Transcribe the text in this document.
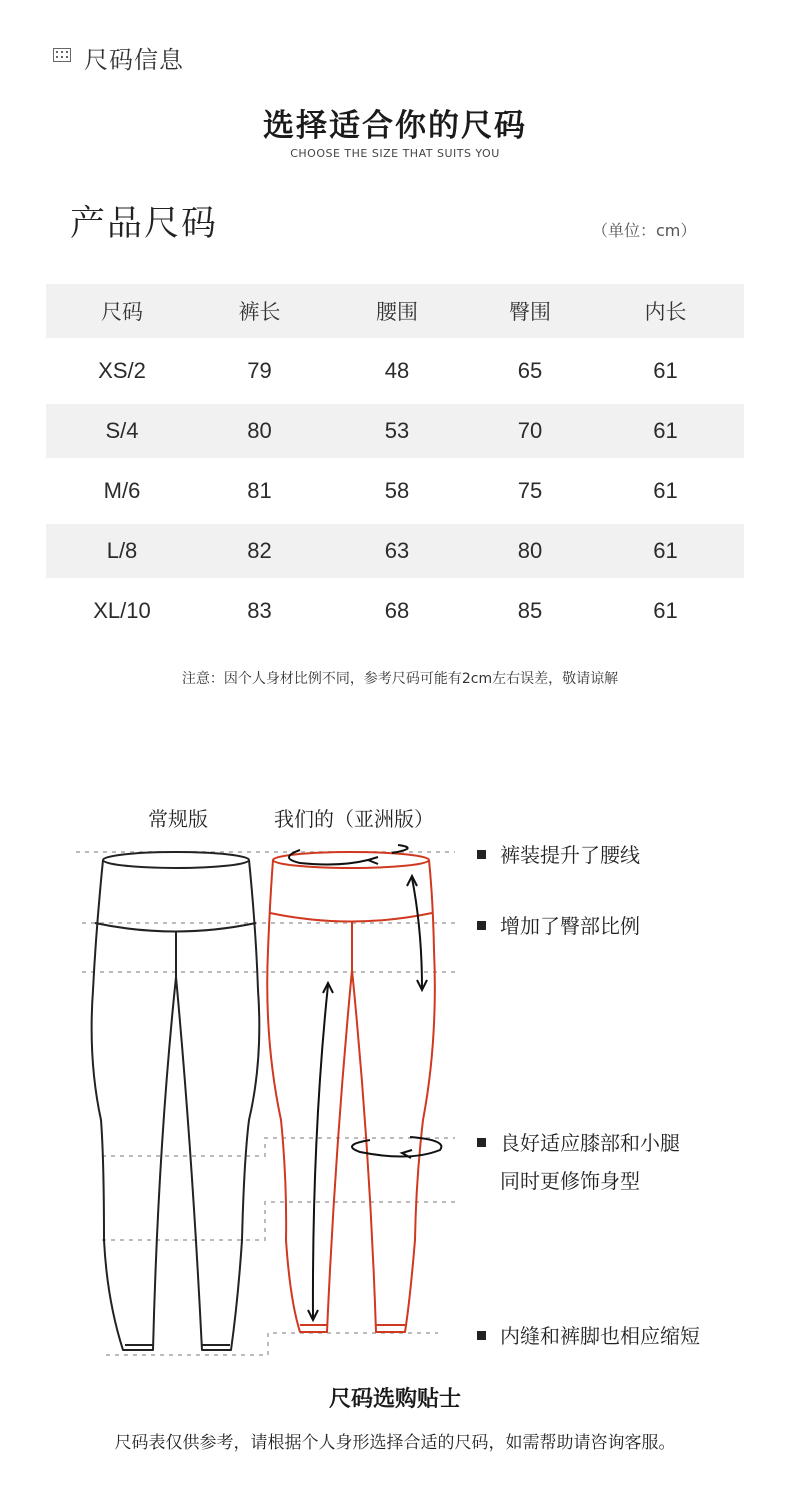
尺码信息
选择适合你的尺码
CHOOSE THE SIZE THAT SUITS YOU
产品尺码	（单位：cm）
尺码	裤长	腰围	臀围	内长
XS/2	79	48	65	61
S/4	80	53	70	61
M/6	81	58	75	61
L/8	82	63	80	61
XL/10	83	68	85	61
注意：因个人身材比例不同，参考尺码可能有2cm左右误差，敬请谅解
常规版	我们的（亚洲版）
裤装提升了腰线
增加了臀部比例
良好适应膝部和小腿
同时更修饰身型
内缝和裤脚也相应缩短
尺码选购贴士
尺码表仅供参考，请根据个人身形选择合适的尺码，如需帮助请咨询客服。
